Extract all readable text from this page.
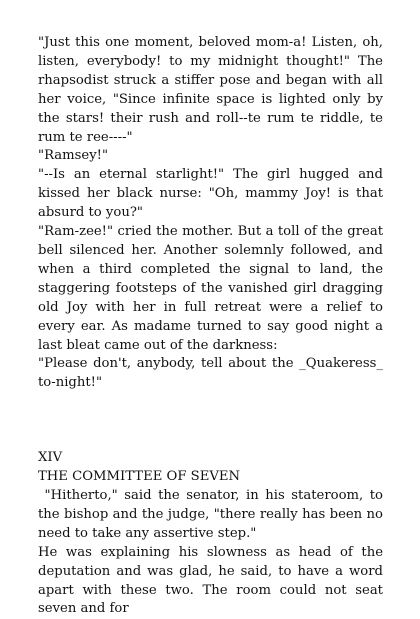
"Just this one moment, beloved mom-a! Listen, oh, listen, everybody! to my midnight thought!" The rhapsodist struck a stiffer pose and began with all her voice, "Since infinite space is lighted only by the stars! their rush and roll--te rum te riddle, te rum te ree----"

"Ramsey!"

"--Is an eternal starlight!" The girl hugged and kissed her black nurse: "Oh, mammy Joy! is that absurd to you?"

"Ram-zee!" cried the mother. But a toll of the great bell silenced her. Another solemnly followed, and when a third completed the signal to land, the staggering footsteps of the vanished girl dragging old Joy with her in full retreat were a relief to every ear. As madame turned to say good night a last bleat came out of the darkness:

"Please don't, anybody, tell about the _Quakeress_ to-night!"

XIV

THE COMMITTEE OF SEVEN

"Hitherto," said the senator, in his stateroom, to the bishop and the judge, "there really has been no need to take any assertive step."

He was explaining his slowness as head of the deputation and was glad, he said, to have a word apart with these two. The room could not seat seven and for
